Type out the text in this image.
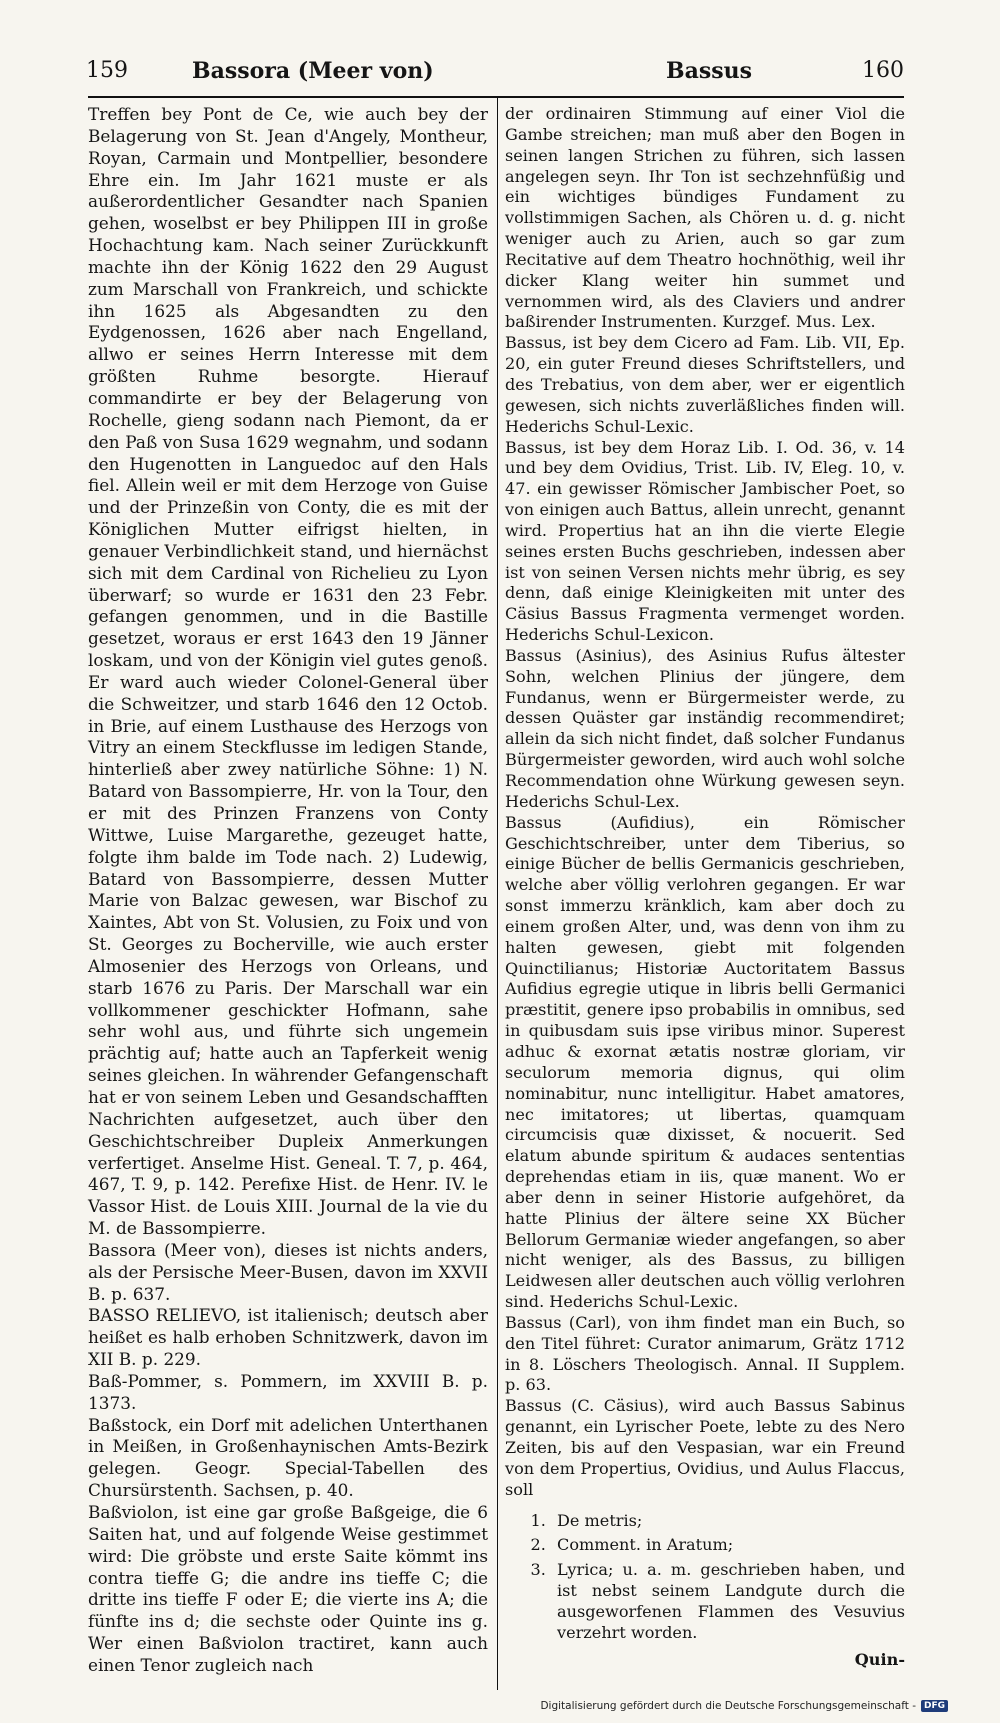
159	Bassora (Meer von)	Bassus	160

Treffen bey Pont de Ce, wie auch bey der Belagerung von St. Jean d'Angely, Montheur, Royan, Carmain und Montpellier, besondere Ehre ein. Im Jahr 1621 muste er als außerordentlicher Gesandter nach Spanien gehen, woselbst er bey Philippen III in große Hochachtung kam. Nach seiner Zurückkunft machte ihn der König 1622 den 29 August zum Marschall von Frankreich, und schickte ihn 1625 als Abgesandten zu den Eydgenossen, 1626 aber nach Engelland, allwo er seines Herrn Interesse mit dem größten Ruhme besorgte. Hierauf commandirte er bey der Belagerung von Rochelle, gieng sodann nach Piemont, da er den Paß von Susa 1629 wegnahm, und sodann den Hugenotten in Languedoc auf den Hals fiel. Allein weil er mit dem Herzoge von Guise und der Prinzeßin von Conty, die es mit der Königlichen Mutter eifrigst hielten, in genauer Verbindlichkeit stand, und hiernächst sich mit dem Cardinal von Richelieu zu Lyon überwarf; so wurde er 1631 den 23 Febr. gefangen genommen, und in die Bastille gesetzet, woraus er erst 1643 den 19 Jänner loskam, und von der Königin viel gutes genoß. Er ward auch wieder Colonel-General über die Schweitzer, und starb 1646 den 12 Octob. in Brie, auf einem Lusthause des Herzogs von Vitry an einem Steckflusse im ledigen Stande, hinterließ aber zwey natürliche Söhne: 1) N. Batard von Bassompierre, Hr. von la Tour, den er mit des Prinzen Franzens von Conty Wittwe, Luise Margarethe, gezeuget hatte, folgte ihm balde im Tode nach. 2) Ludewig, Batard von Bassompierre, dessen Mutter Marie von Balzac gewesen, war Bischof zu Xaintes, Abt von St. Volusien, zu Foix und von St. Georges zu Bocherville, wie auch erster Almosenier des Herzogs von Orleans, und starb 1676 zu Paris. Der Marschall war ein vollkommener geschickter Hofmann, sahe sehr wohl aus, und führte sich ungemein prächtig auf; hatte auch an Tapferkeit wenig seines gleichen. In währender Gefangenschaft hat er von seinem Leben und Gesandschafften Nachrichten aufgesetzet, auch über den Geschichtschreiber Dupleix Anmerkungen verfertiget. Anselme Hist. Geneal. T. 7, p. 464, 467, T. 9, p. 142. Perefixe Hist. de Henr. IV. le Vassor Hist. de Louis XIII. Journal de la vie du M. de Bassompierre.

Bassora (Meer von), dieses ist nichts anders, als der Persische Meer-Busen, davon im XXVII B. p. 637.

BASSO RELIEVO, ist italienisch; deutsch aber heißet es halb erhoben Schnitzwerk, davon im XII B. p. 229.

Baß-Pommer, s. Pommern, im XXVIII B. p. 1373.

Baßstock, ein Dorf mit adelichen Unterthanen in Meißen, in Großenhaynischen Amts-Bezirk gelegen. Geogr. Special-Tabellen des Chursürstenth. Sachsen, p. 40.

Baßviolon, ist eine gar große Baßgeige, die 6 Saiten hat, und auf folgende Weise gestimmet wird: Die gröbste und erste Saite kömmt ins contra tieffe G; die andre ins tieffe C; die dritte ins tieffe F oder E; die vierte ins A; die fünfte ins d; die sechste oder Quinte ins g. Wer einen Baßviolon tractiret, kann auch einen Tenor zugleich nach

der ordinairen Stimmung auf einer Viol die Gambe streichen; man muß aber den Bogen in seinen langen Strichen zu führen, sich lassen angelegen seyn. Ihr Ton ist sechzehnfüßig und ein wichtiges bündiges Fundament zu vollstimmigen Sachen, als Chören u. d. g. nicht weniger auch zu Arien, auch so gar zum Recitative auf dem Theatro hochnöthig, weil ihr dicker Klang weiter hin summet und vernommen wird, als des Claviers und andrer baßirender Instrumenten. Kurzgef. Mus. Lex.

Bassus, ist bey dem Cicero ad Fam. Lib. VII, Ep. 20, ein guter Freund dieses Schriftstellers, und des Trebatius, von dem aber, wer er eigentlich gewesen, sich nichts zuverläßliches finden will. Hederichs Schul-Lexic.

Bassus, ist bey dem Horaz Lib. I. Od. 36, v. 14 und bey dem Ovidius, Trist. Lib. IV, Eleg. 10, v. 47. ein gewisser Römischer Jambischer Poet, so von einigen auch Battus, allein unrecht, genannt wird. Propertius hat an ihn die vierte Elegie seines ersten Buchs geschrieben, indessen aber ist von seinen Versen nichts mehr übrig, es sey denn, daß einige Kleinigkeiten mit unter des Cäsius Bassus Fragmenta vermenget worden. Hederichs Schul-Lexicon.

Bassus (Asinius), des Asinius Rufus ältester Sohn, welchen Plinius der jüngere, dem Fundanus, wenn er Bürgermeister werde, zu dessen Quäster gar inständig recommendiret; allein da sich nicht findet, daß solcher Fundanus Bürgermeister geworden, wird auch wohl solche Recommendation ohne Würkung gewesen seyn. Hederichs Schul-Lex.

Bassus (Aufidius), ein Römischer Geschichtschreiber, unter dem Tiberius, so einige Bücher de bellis Germanicis geschrieben, welche aber völlig verlohren gegangen. Er war sonst immerzu kränklich, kam aber doch zu einem großen Alter, und, was denn von ihm zu halten gewesen, giebt mit folgenden Quinctilianus; Historiæ Auctoritatem Bassus Aufidius egregie utique in libris belli Germanici præstitit, genere ipso probabilis in omnibus, sed in quibusdam suis ipse viribus minor. Superest adhuc & exornat ætatis nostræ gloriam, vir seculorum memoria dignus, qui olim nominabitur, nunc intelligitur. Habet amatores, nec imitatores; ut libertas, quamquam circumcisis quæ dixisset, & nocuerit. Sed elatum abunde spiritum & audaces sententias deprehendas etiam in iis, quæ manent. Wo er aber denn in seiner Historie aufgehöret, da hatte Plinius der ältere seine XX Bücher Bellorum Germaniæ wieder angefangen, so aber nicht weniger, als des Bassus, zu billigen Leidwesen aller deutschen auch völlig verlohren sind. Hederichs Schul-Lexic.

Bassus (Carl), von ihm findet man ein Buch, so den Titel führet: Curator animarum, Grätz 1712 in 8. Löschers Theologisch. Annal. II Supplem. p. 63.

Bassus (C. Cäsius), wird auch Bassus Sabinus genannt, ein Lyrischer Poete, lebte zu des Nero Zeiten, bis auf den Vespasian, war ein Freund von dem Propertius, Ovidius, und Aulus Flaccus, soll

1. De metris;
2. Comment. in Aratum;
3. Lyrica; u. a. m. geschrieben haben, und ist nebst seinem Landgute durch die ausgeworfenen Flammen des Vesuvius verzehrt worden.
Quin-
Digitalisierung gefördert durch die Deutsche Forschungsgemeinschaft - DFG
